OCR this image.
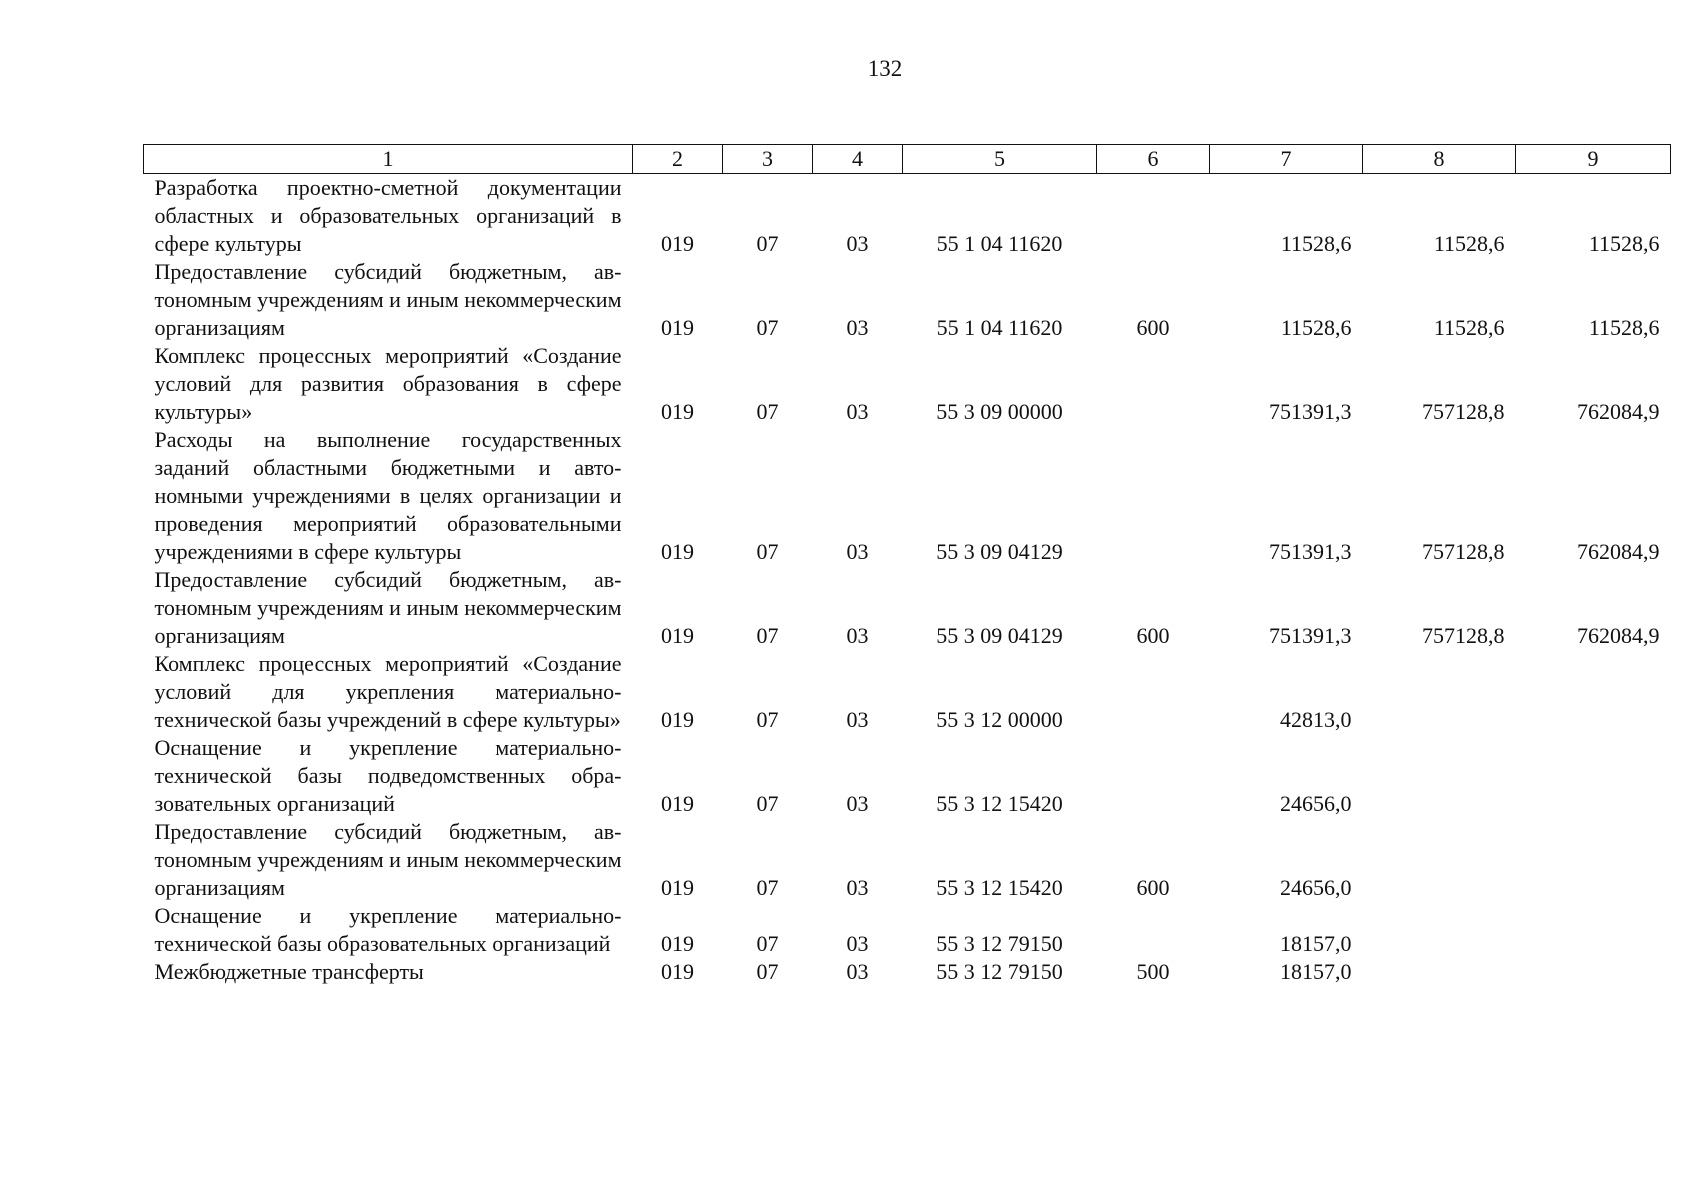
132
1	2	3	4	5	6	7	8	9
Разработка проектно-сметной документации областных и образовательных организаций в сфере культуры	019	07	03	55 1 04 11620		11528,6	11528,6	11528,6
Предоставление субсидий бюджетным, автономным учреждениям и иным некоммерческим организациям	019	07	03	55 1 04 11620	600	11528,6	11528,6	11528,6
Комплекс процессных мероприятий «Создание условий для развития образования в сфере культуры»	019	07	03	55 3 09 00000		751391,3	757128,8	762084,9
Расходы на выполнение государственных заданий областными бюджетными и автономными учреждениями в целях организации и проведения мероприятий образовательными учреждениями в сфере культуры	019	07	03	55 3 09 04129		751391,3	757128,8	762084,9
Предоставление субсидий бюджетным, автономным учреждениям и иным некоммерческим организациям	019	07	03	55 3 09 04129	600	751391,3	757128,8	762084,9
Комплекс процессных мероприятий «Создание условий для укрепления материально-технической базы учреждений в сфере культуры»	019	07	03	55 3 12 00000		42813,0		
Оснащение и укрепление материально-технической базы подведомственных образовательных организаций	019	07	03	55 3 12 15420		24656,0		
Предоставление субсидий бюджетным, автономным учреждениям и иным некоммерческим организациям	019	07	03	55 3 12 15420	600	24656,0		
Оснащение и укрепление материально-технической базы образовательных организаций	019	07	03	55 3 12 79150		18157,0		
Межбюджетные трансферты	019	07	03	55 3 12 79150	500	18157,0		
